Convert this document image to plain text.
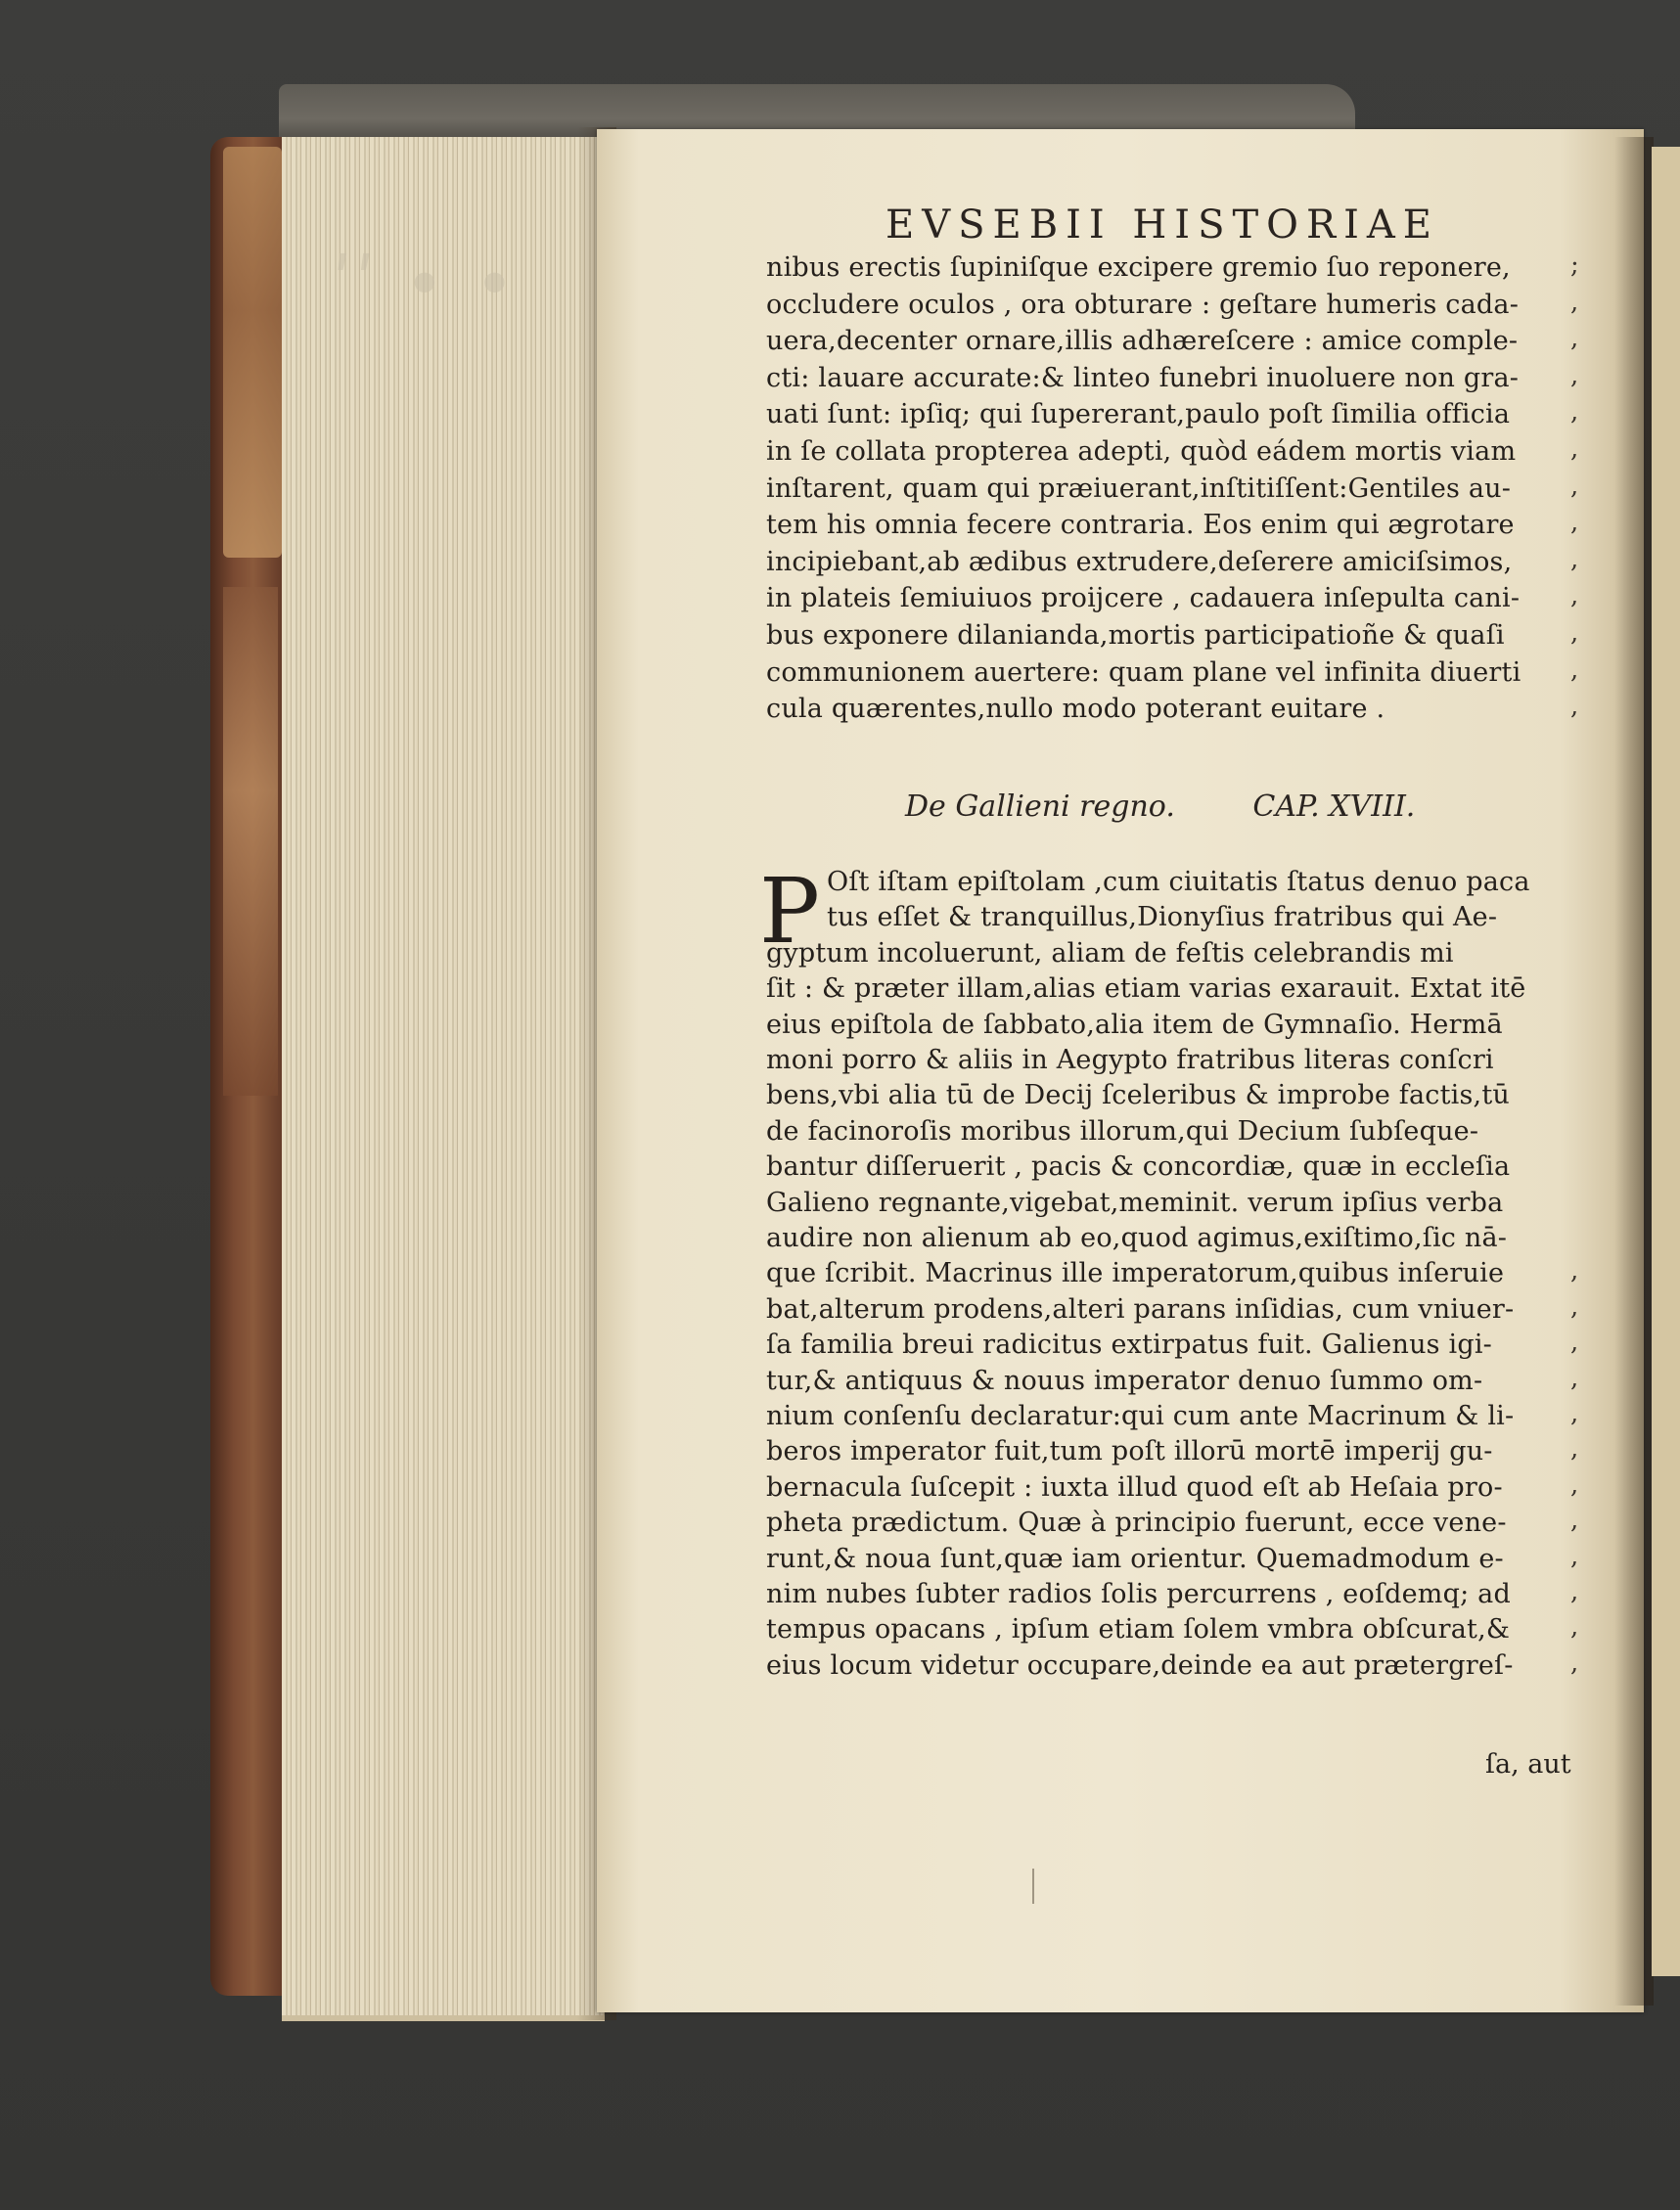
ʹʹ • •
EVSEBII HISTORIAE
nibus erectis ſupiniſque excipere gremio ſuo reponere, ;
occludere oculos , ora obturare : geſtare humeris cada- ,
uera,decenter ornare,illis adhæreſcere : amice comple- ,
cti: lauare accurate:& linteo funebri inuoluere non gra- ,
uati ſunt: ipſiq; qui ſupererant,paulo poſt ſimilia officia ,
in ſe collata propterea adepti, quòd eádem mortis viam ,
inſtarent, quam qui præiuerant,inſtitiſſent:Gentiles au- ,
tem his omnia fecere contraria. Eos enim qui ægrotare ,
incipiebant,ab ædibus extrudere,deſerere amiciſsimos, ,
in plateis ſemiuiuos proijcere , cadauera inſepulta cani- ,
bus exponere dilanianda,mortis participatioñe & quaſi	,
communionem auertere: quam plane vel infinita diuerti ,
cula quærentes,nullo modo poterant euitare .	,
De Gallieni regno.	CAP. XVIII.
P Oſt iſtam epiſtolam ,cum ciuitatis ſtatus denuo paca
tus eſſet & tranquillus,Dionyſius fratribus qui Ae-
gyptum incoluerunt, aliam de feſtis celebrandis mi
ſit : & præter illam,alias etiam varias exarauit. Extat itē
eius epiſtola de ſabbato,alia item de Gymnaſio. Hermā
moni porro & aliis in Aegypto fratribus literas conſcri
bens,vbi alia tū de Decij ſceleribus & improbe factis,tū
de facinoroſis moribus illorum,qui Decium ſubſeque-
bantur diſſeruerit , pacis & concordiæ, quæ in eccleſia
Galieno regnante,vigebat,meminit. verum ipſius verba
audire non alienum ab eo,quod agimus,exiſtimo,ſic nā-
que ſcribit. Macrinus ille imperatorum,quibus inſeruie	,
bat,alterum prodens,alteri parans inſidias, cum vniuer- ,
ſa familia breui radicitus extirpatus fuit. Galienus igi-	,
tur,& antiquus & nouus imperator denuo ſummo om-	,
nium conſenſu declaratur:qui cum ante Macrinum & li- ,
beros imperator fuit,tum poſt illorū mortē imperij gu-	,
bernacula ſuſcepit : iuxta illud quod eſt ab Heſaia pro-	,
pheta prædictum. Quæ à principio fuerunt, ecce vene-	,
runt,& noua ſunt,quæ iam orientur. Quemadmodum e-	,
nim nubes ſubter radios ſolis percurrens , eoſdemq; ad ,
tempus opacans , ipſum etiam ſolem vmbra obſcurat,& ,
eius locum videtur occupare,deinde ea aut prætergreſ- ,
ſa, aut
